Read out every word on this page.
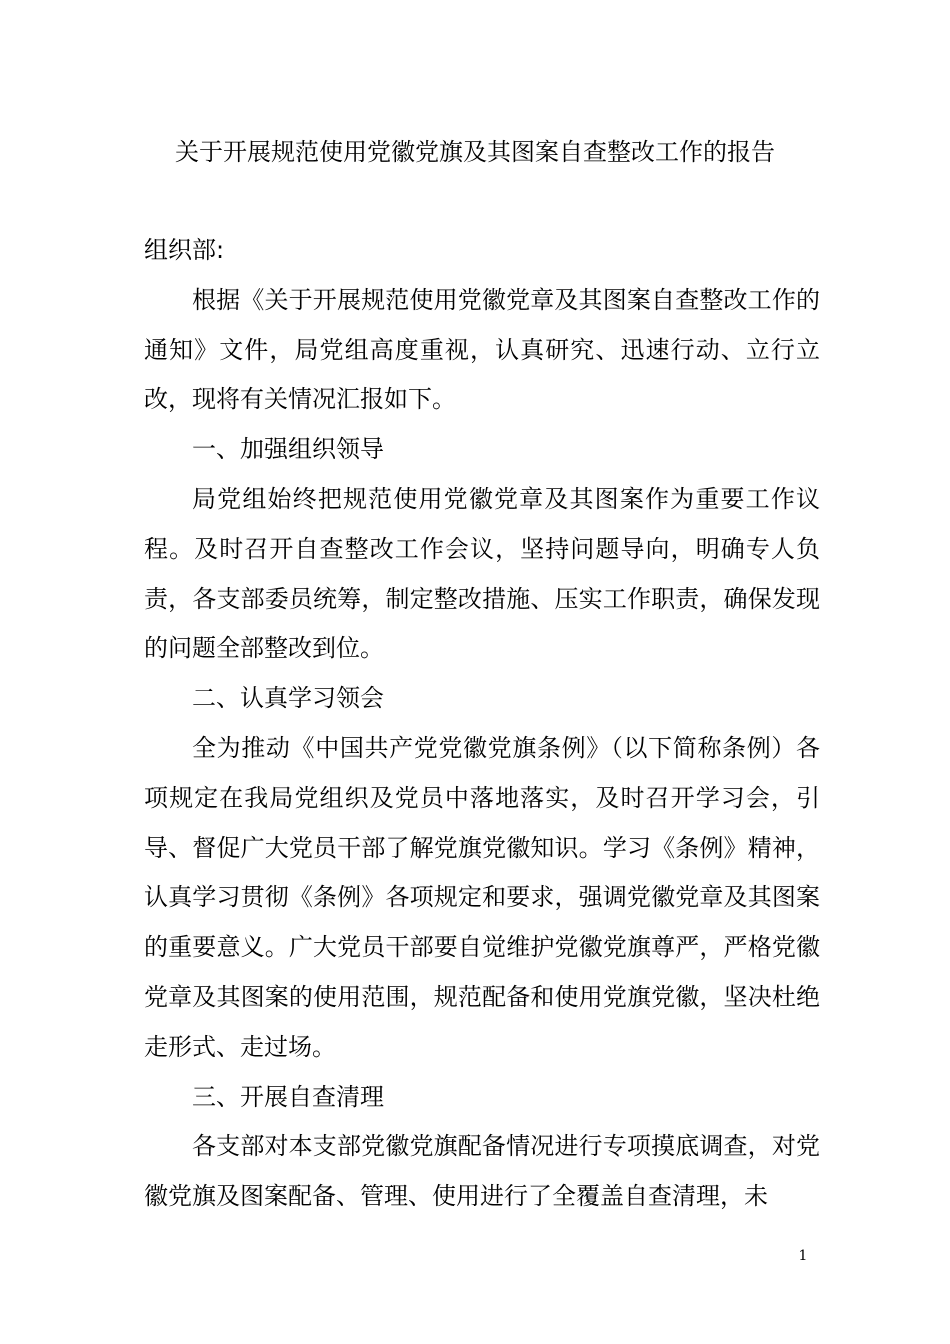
关于开展规范使用党徽党旗及其图案自查整改工作的报告

组织部:

根据《关于开展规范使用党徽党章及其图案自查整改工作的通知》文件，局党组高度重视，认真研究、迅速行动、立行立改，现将有关情况汇报如下。

一、加强组织领导

局党组始终把规范使用党徽党章及其图案作为重要工作议程。及时召开自查整改工作会议，坚持问题导向，明确专人负责，各支部委员统筹，制定整改措施、压实工作职责，确保发现的问题全部整改到位。

二、认真学习领会

全为推动《中国共产党党徽党旗条例》（以下简称条例）各项规定在我局党组织及党员中落地落实，及时召开学习会，引导、督促广大党员干部了解党旗党徽知识。学习《条例》精神，认真学习贯彻《条例》各项规定和要求，强调党徽党章及其图案的重要意义。广大党员干部要自觉维护党徽党旗尊严，严格党徽党章及其图案的使用范围，规范配备和使用党旗党徽，坚决杜绝走形式、走过场。

三、开展自查清理

各支部对本支部党徽党旗配备情况进行专项摸底调查，对党徽党旗及图案配备、管理、使用进行了全覆盖自查清理，未

1
